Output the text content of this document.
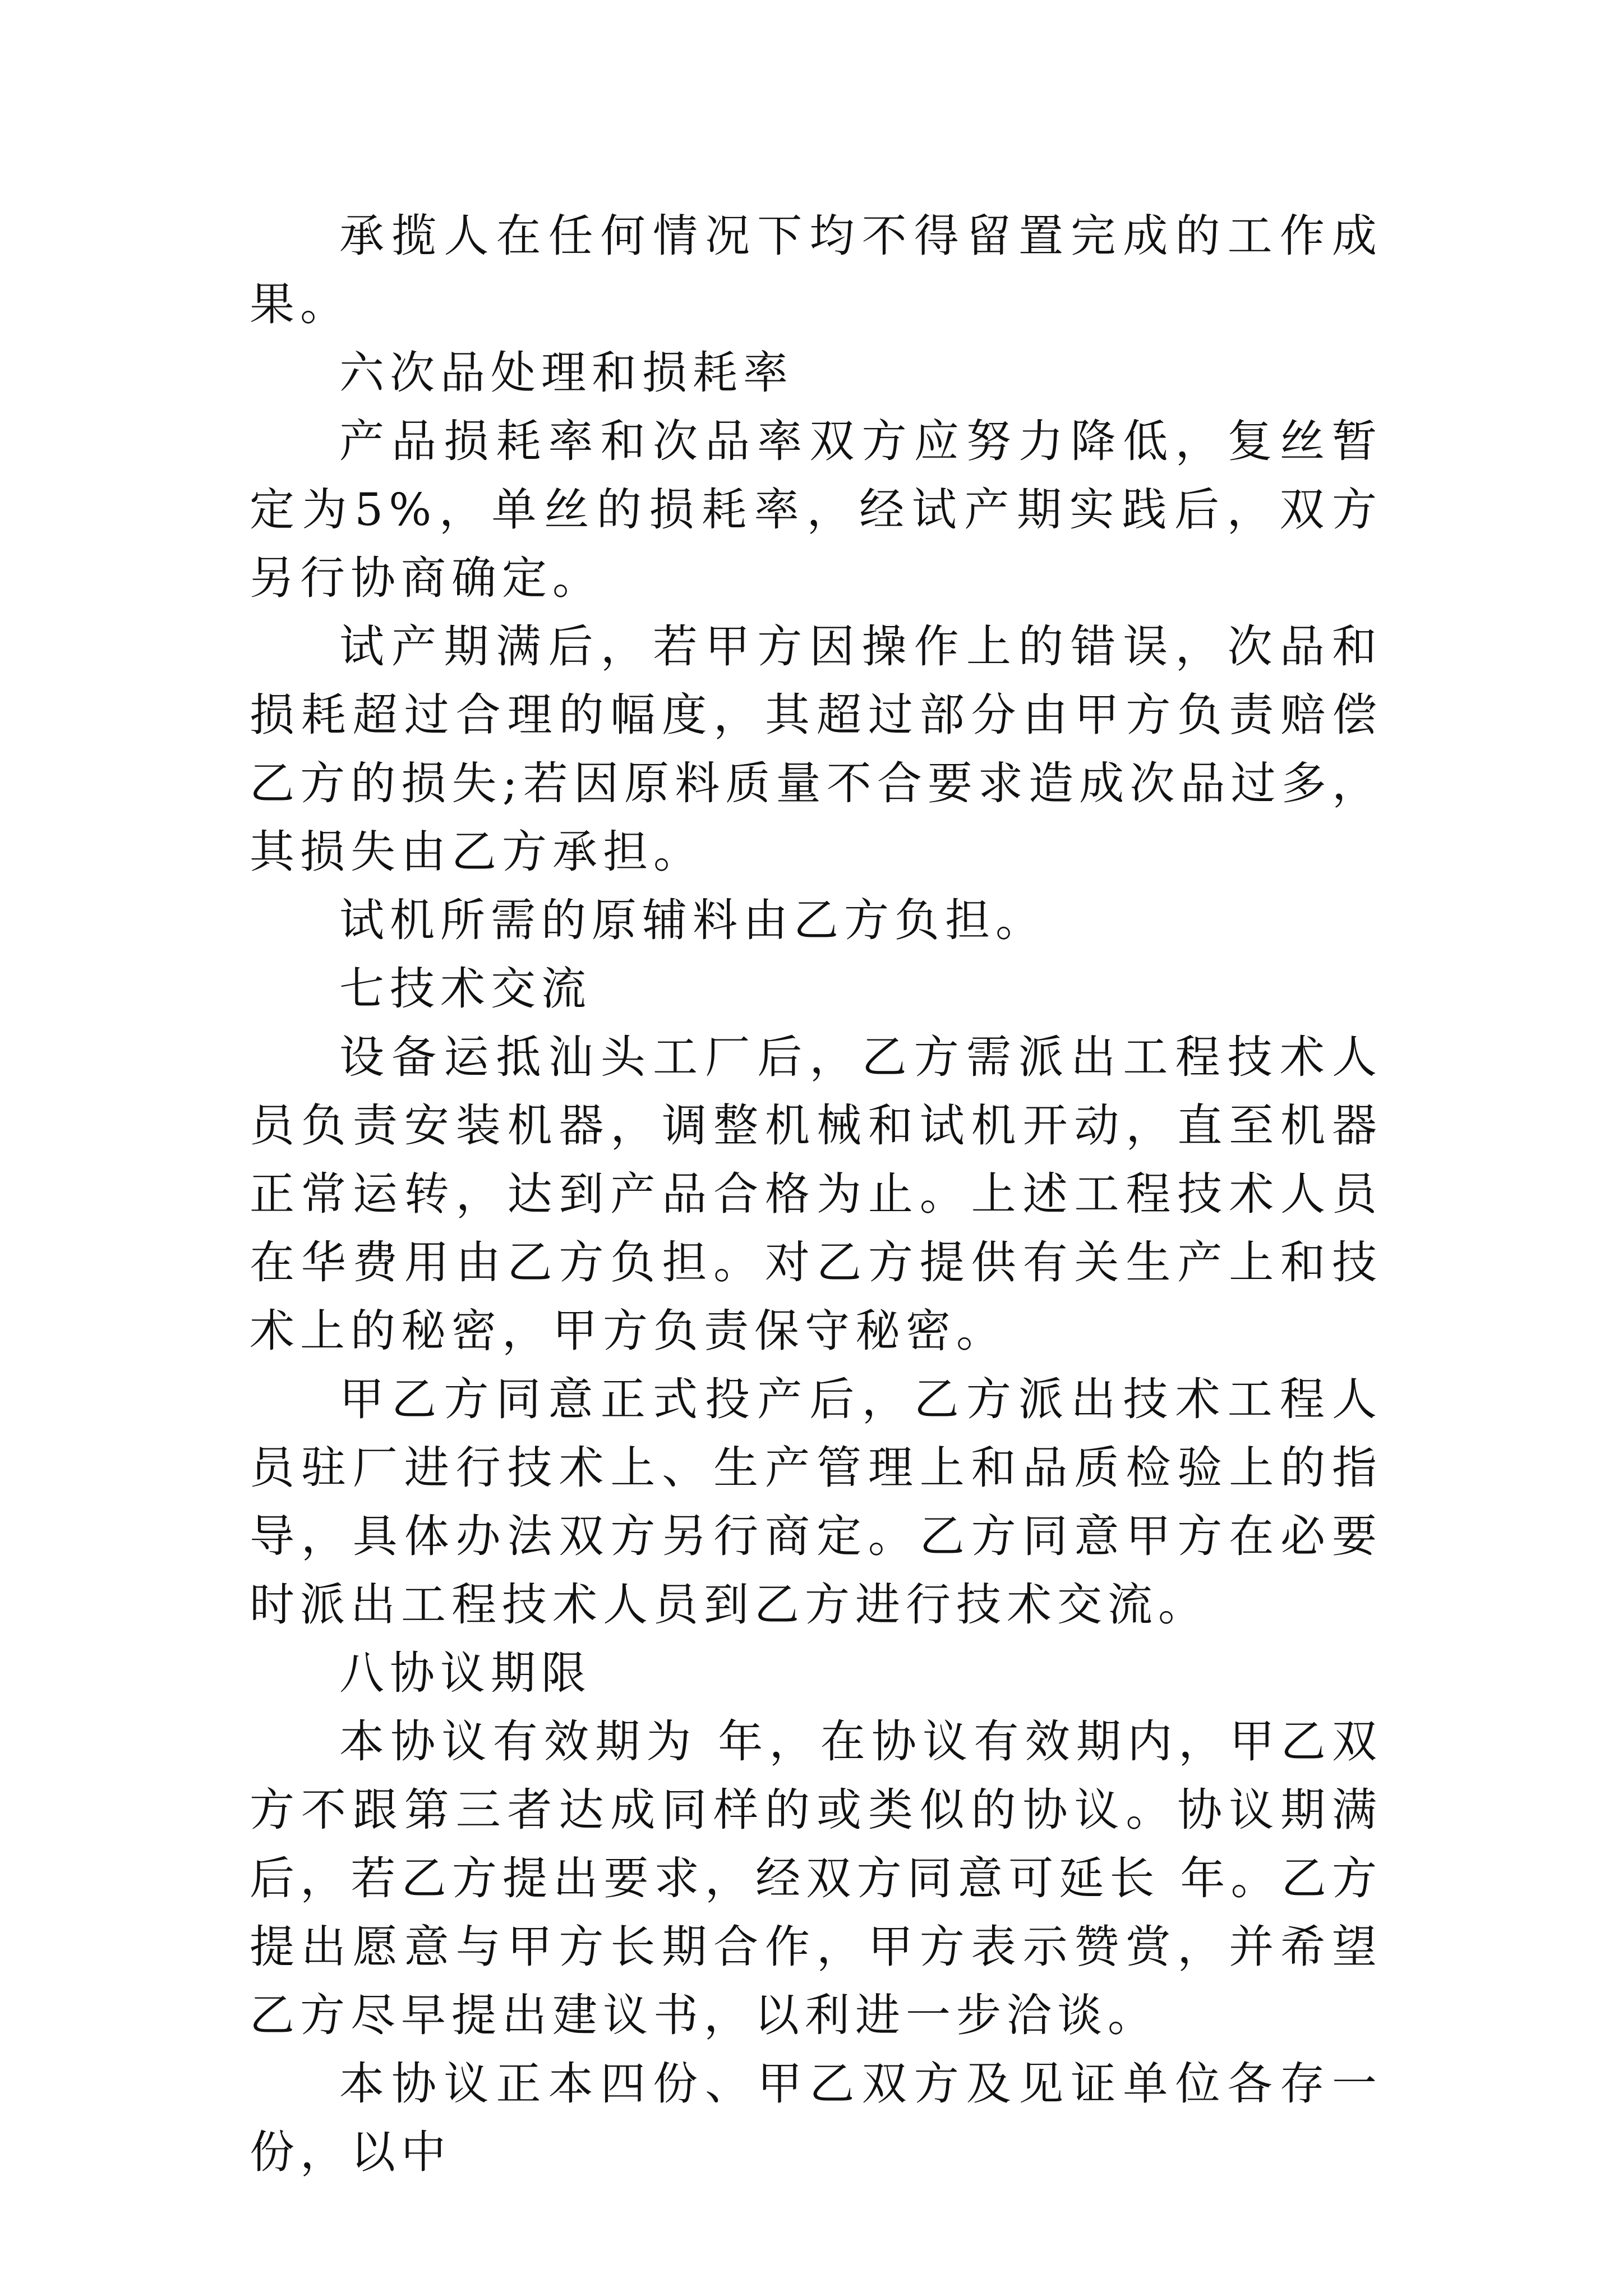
承揽人在任何情况下均不得留置完成的工作成果。

六次品处理和损耗率

产品损耗率和次品率双方应努力降低，复丝暂定为5%，单丝的损耗率，经试产期实践后，双方另行协商确定。

试产期满后，若甲方因操作上的错误，次品和损耗超过合理的幅度，其超过部分由甲方负责赔偿乙方的损失;若因原料质量不合要求造成次品过多，其损失由乙方承担。

试机所需的原辅料由乙方负担。

七技术交流

设备运抵汕头工厂后，乙方需派出工程技术人员负责安装机器，调整机械和试机开动，直至机器正常运转，达到产品合格为止。上述工程技术人员在华费用由乙方负担。对乙方提供有关生产上和技术上的秘密，甲方负责保守秘密。

甲乙方同意正式投产后，乙方派出技术工程人员驻厂进行技术上、生产管理上和品质检验上的指导，具体办法双方另行商定。乙方同意甲方在必要时派出工程技术人员到乙方进行技术交流。

八协议期限

本协议有效期为 年，在协议有效期内，甲乙双方不跟第三者达成同样的或类似的协议。协议期满后，若乙方提出要求，经双方同意可延长 年。乙方提出愿意与甲方长期合作，甲方表示赞赏，并希望乙方尽早提出建议书，以利进一步洽谈。

本协议正本四份、甲乙双方及见证单位各存一份，以中
